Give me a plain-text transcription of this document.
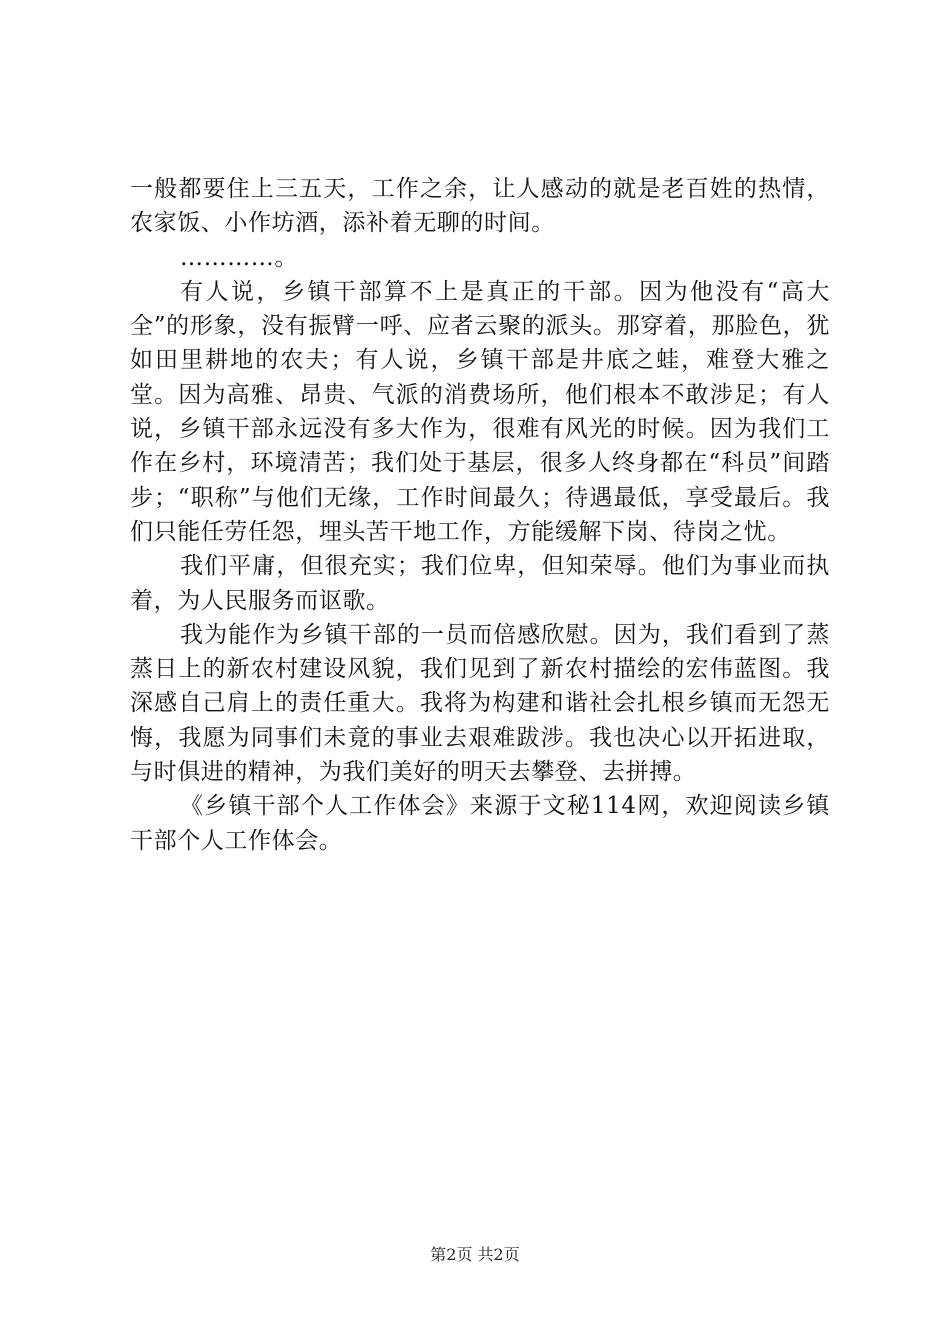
一般都要住上三五天，工作之余，让人感动的就是老百姓的热情，农家饭、小作坊酒，添补着无聊的时间。

…………。

有人说，乡镇干部算不上是真正的干部。因为他没有“高大全”的形象，没有振臂一呼、应者云聚的派头。那穿着，那脸色，犹如田里耕地的农夫；有人说，乡镇干部是井底之蛙，难登大雅之堂。因为高雅、昂贵、气派的消费场所，他们根本不敢涉足；有人说，乡镇干部永远没有多大作为，很难有风光的时候。因为我们工作在乡村，环境清苦；我们处于基层，很多人终身都在“科员”间踏步；“职称”与他们无缘，工作时间最久；待遇最低，享受最后。我们只能任劳任怨，埋头苦干地工作，方能缓解下岗、待岗之忧。

我们平庸，但很充实；我们位卑，但知荣辱。他们为事业而执着，为人民服务而讴歌。

我为能作为乡镇干部的一员而倍感欣慰。因为，我们看到了蒸蒸日上的新农村建设风貌，我们见到了新农村描绘的宏伟蓝图。我深感自己肩上的责任重大。我将为构建和谐社会扎根乡镇而无怨无悔，我愿为同事们未竟的事业去艰难跋涉。我也决心以开拓进取，与时俱进的精神，为我们美好的明天去攀登、去拼搏。

《乡镇干部个人工作体会》来源于文秘114网，欢迎阅读乡镇干部个人工作体会。

第2页 共2页
